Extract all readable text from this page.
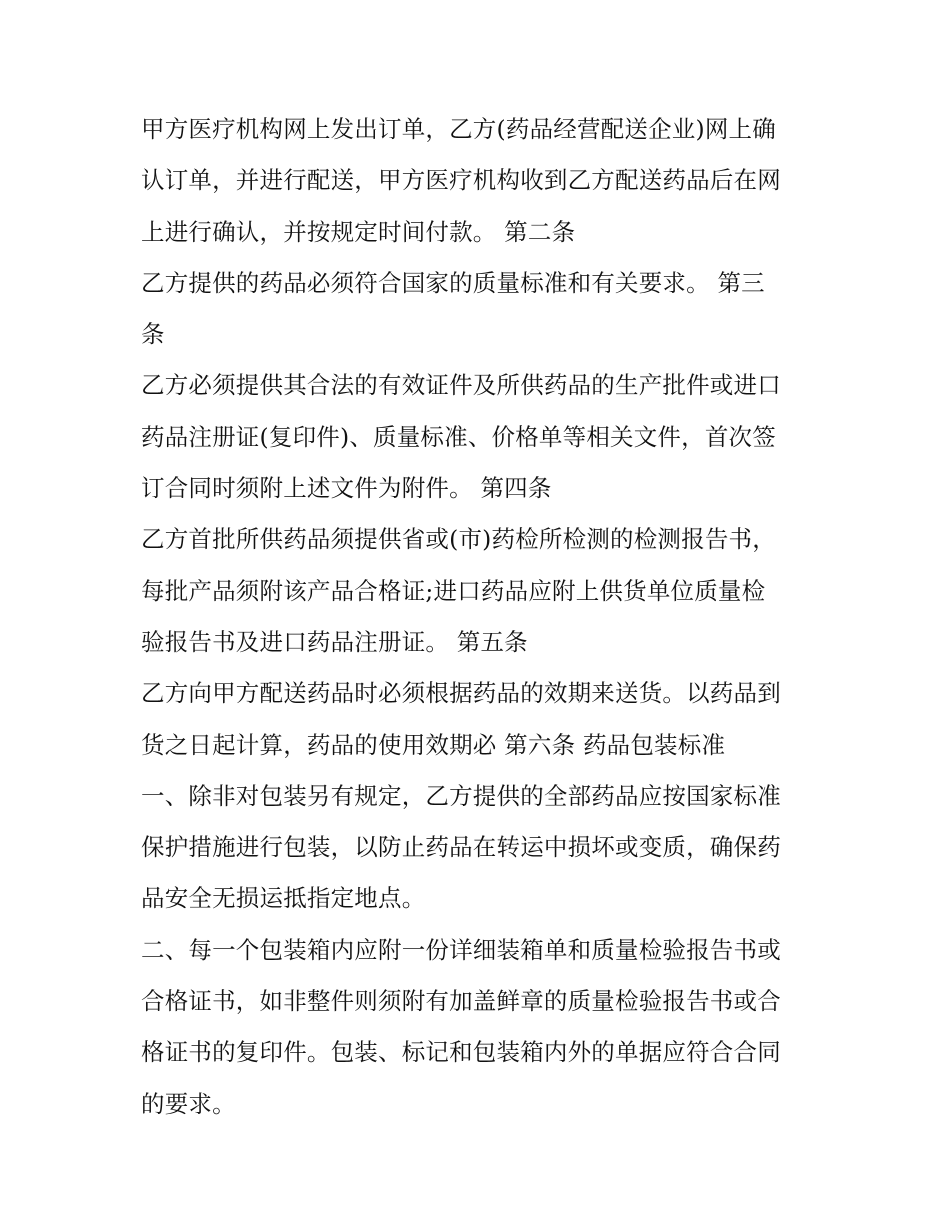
甲方医疗机构网上发出订单，乙方(药品经营配送企业)网上确
认订单，并进行配送，甲方医疗机构收到乙方配送药品后在网
上进行确认，并按规定时间付款。 第二条
乙方提供的药品必须符合国家的质量标准和有关要求。 第三
条
乙方必须提供其合法的有效证件及所供药品的生产批件或进口
药品注册证(复印件)、质量标准、价格单等相关文件，首次签
订合同时须附上述文件为附件。 第四条
乙方首批所供药品须提供省或(市)药检所检测的检测报告书，
每批产品须附该产品合格证;进口药品应附上供货单位质量检
验报告书及进口药品注册证。 第五条
乙方向甲方配送药品时必须根据药品的效期来送货。以药品到
货之日起计算，药品的使用效期必 第六条 药品包装标准
一、除非对包装另有规定，乙方提供的全部药品应按国家标准
保护措施进行包装，以防止药品在转运中损坏或变质，确保药
品安全无损运抵指定地点。
二、每一个包装箱内应附一份详细装箱单和质量检验报告书或
合格证书，如非整件则须附有加盖鲜章的质量检验报告书或合
格证书的复印件。包装、标记和包装箱内外的单据应符合合同
的要求。
